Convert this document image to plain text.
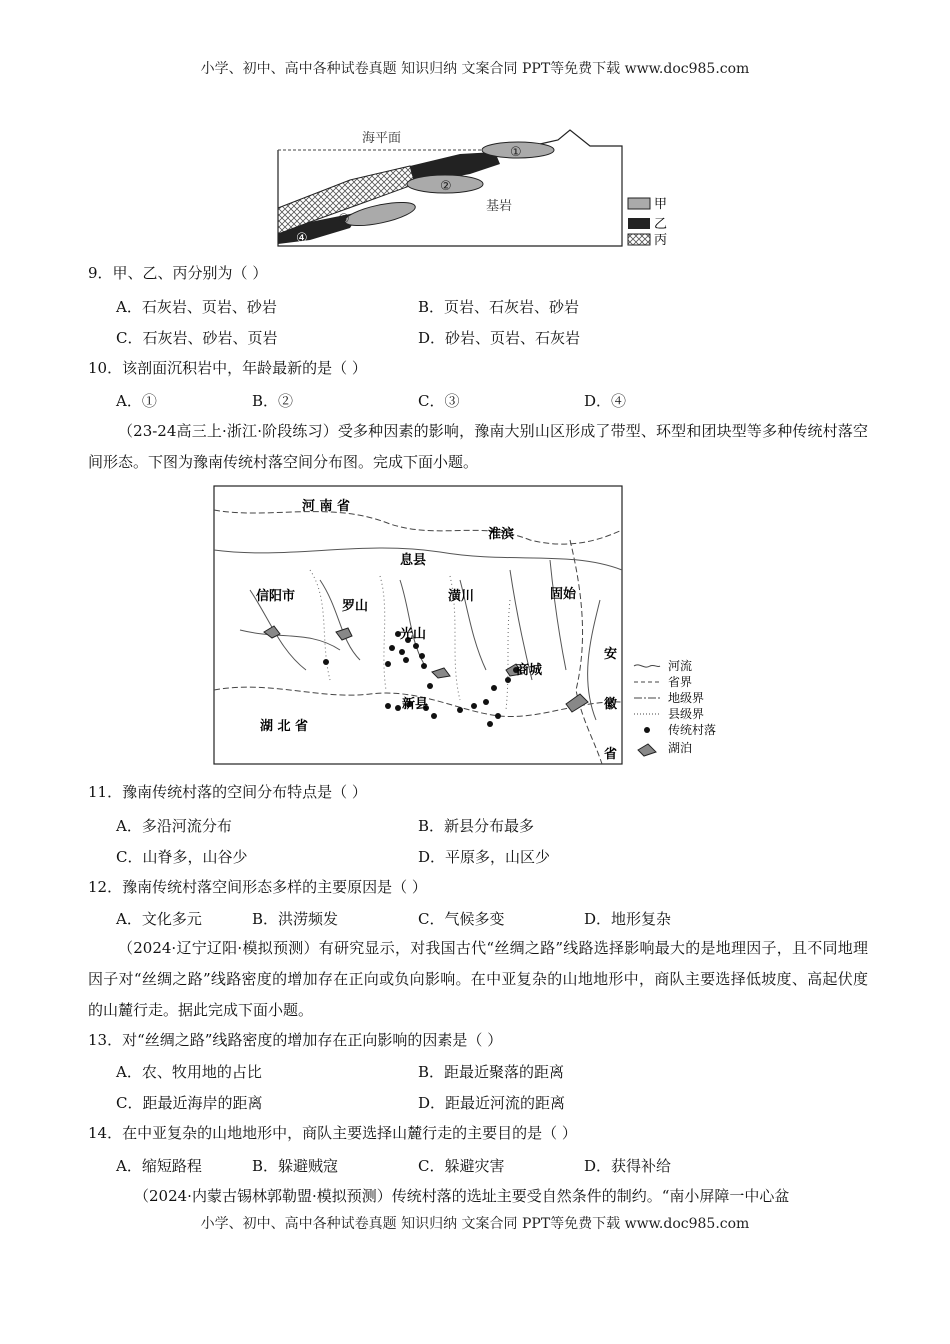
小学、初中、高中各种试卷真题 知识归纳 文案合同 PPT等免费下载 www.doc985.com
海平面
①
②
③
④
基岩	甲
乙
丙
9．甲、乙、丙分别为（ ）
A．石灰岩、页岩、砂岩	B．页岩、石灰岩、砂岩
C．石灰岩、砂岩、页岩	D．砂岩、页岩、石灰岩
10．该剖面沉积岩中，年龄最新的是（ ）
A．①	B．②	C．③	D．④
（23-24高三上·浙江·阶段练习）受多种因素的影响，豫南大别山区形成了带型、环型和团块型等多种传统村落空间形态。下图为豫南传统村落空间分布图。完成下面小题。
河 南 省
淮滨
息县
信阳市
罗山
潢川	固始
光山
商城
新县
湖 北 省
安
徽
省
河流
省界
地级界
县级界
传统村落
湖泊
11．豫南传统村落的空间分布特点是（ ）
A．多沿河流分布	B．新县分布最多
C．山脊多，山谷少	D．平原多，山区少
12．豫南传统村落空间形态多样的主要原因是（ ）
A．文化多元	B．洪涝频发	C．气候多变	D．地形复杂
（2024·辽宁辽阳·模拟预测）有研究显示，对我国古代“丝绸之路”线路选择影响最大的是地理因子，且不同地理因子对“丝绸之路”线路密度的增加存在正向或负向影响。在中亚复杂的山地地形中，商队主要选择低坡度、高起伏度的山麓行走。据此完成下面小题。
13．对“丝绸之路”线路密度的增加存在正向影响的因素是（ ）
A．农、牧用地的占比	B．距最近聚落的距离
C．距最近海岸的距离	D．距最近河流的距离
14．在中亚复杂的山地地形中，商队主要选择山麓行走的主要目的是（ ）
A．缩短路程	B．躲避贼寇	C．躲避灾害	D．获得补给
（2024·内蒙古锡林郭勒盟·模拟预测）传统村落的选址主要受自然条件的制约。“南小屏障一中心盆
小学、初中、高中各种试卷真题 知识归纳 文案合同 PPT等免费下载 www.doc985.com
